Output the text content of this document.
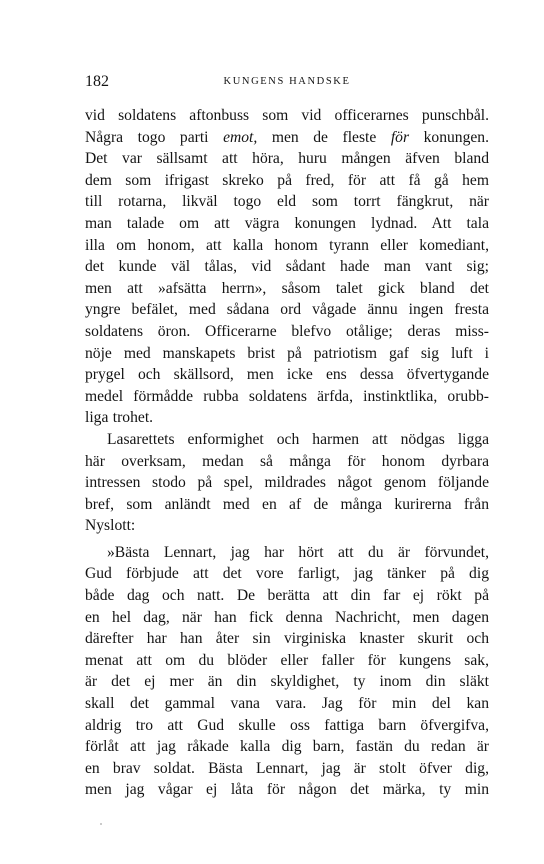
182	KUNGENS HANDSKE
vid soldatens aftonbuss som vid officerarnes punschbål.
Några togo parti emot, men de fleste för konungen.
Det var sällsamt att höra, huru mången äfven bland
dem som ifrigast skreko på fred, för att få gå hem
till rotarna, likväl togo eld som torrt fängkrut, när
man talade om att vägra konungen lydnad. Att tala
illa om honom, att kalla honom tyrann eller komediant,
det kunde väl tålas, vid sådant hade man vant sig;
men att »afsätta herrn», såsom talet gick bland det
yngre befälet, med sådana ord vågade ännu ingen fresta
soldatens öron. Officerarne blefvo otålige; deras miss-
nöje med manskapets brist på patriotism gaf sig luft i
prygel och skällsord, men icke ens dessa öfvertygande
medel förmådde rubba soldatens ärfda, instinktlika, orubb-
liga trohet.
Lasarettets enformighet och harmen att nödgas ligga
här overksam, medan så många för honom dyrbara
intressen stodo på spel, mildrades något genom följande
bref, som anländt med en af de många kurirerna från
Nyslott:
»Bästa Lennart, jag har hört att du är förvundet,
Gud förbjude att det vore farligt, jag tänker på dig
både dag och natt. De berätta att din far ej rökt på
en hel dag, när han fick denna Nachricht, men dagen
därefter har han åter sin virginiska knaster skurit och
menat att om du blöder eller faller för kungens sak,
är det ej mer än din skyldighet, ty inom din släkt
skall det gammal vana vara. Jag för min del kan
aldrig tro att Gud skulle oss fattiga barn öfvergifva,
förlåt att jag råkade kalla dig barn, fastän du redan är
en brav soldat. Bästa Lennart, jag är stolt öfver dig,
men jag vågar ej låta för någon det märka, ty min
